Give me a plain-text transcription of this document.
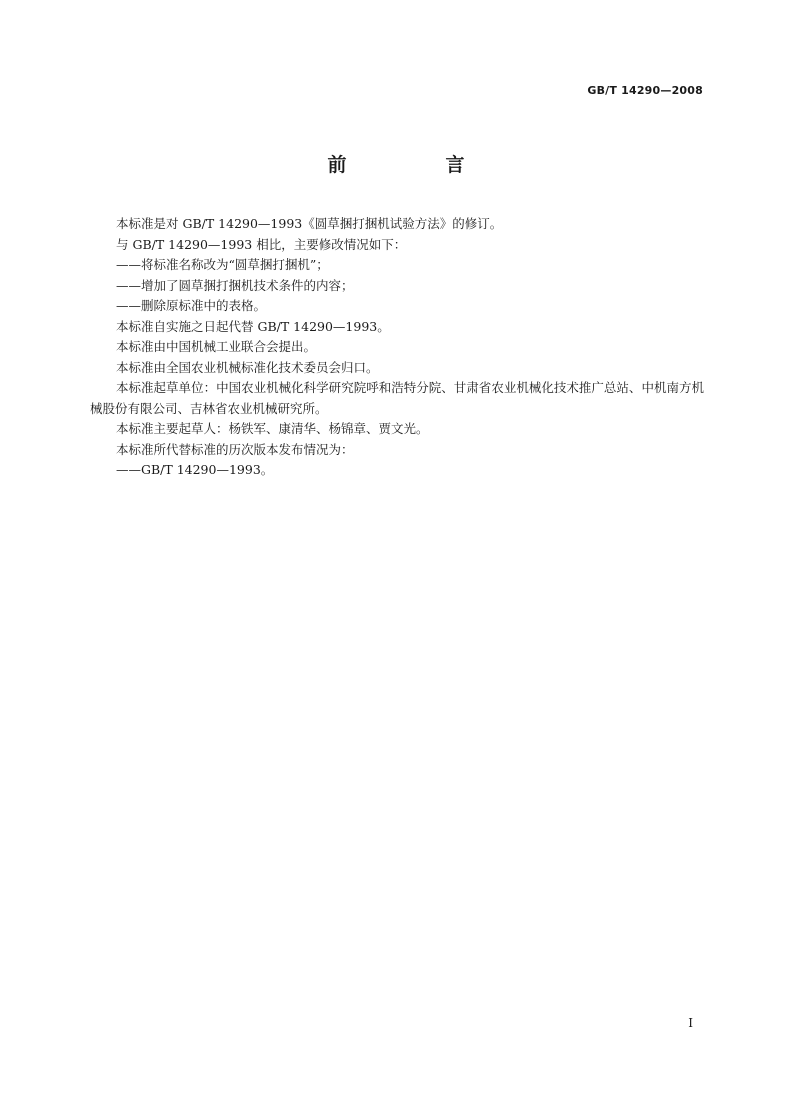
GB/T 14290—2008
前　言

本标准是对 GB/T 14290—1993《圆草捆打捆机试验方法》的修订。

与 GB/T 14290—1993 相比，主要修改情况如下：

——将标准名称改为“圆草捆打捆机”；

——增加了圆草捆打捆机技术条件的内容；

——删除原标准中的表格。

本标准自实施之日起代替 GB/T 14290—1993。

本标准由中国机械工业联合会提出。

本标准由全国农业机械标准化技术委员会归口。

本标准起草单位：中国农业机械化科学研究院呼和浩特分院、甘肃省农业机械化技术推广总站、中机南方机械股份有限公司、吉林省农业机械研究所。

本标准主要起草人：杨铁军、康清华、杨锦章、贾文光。

本标准所代替标准的历次版本发布情况为：

——GB/T 14290—1993。

I
